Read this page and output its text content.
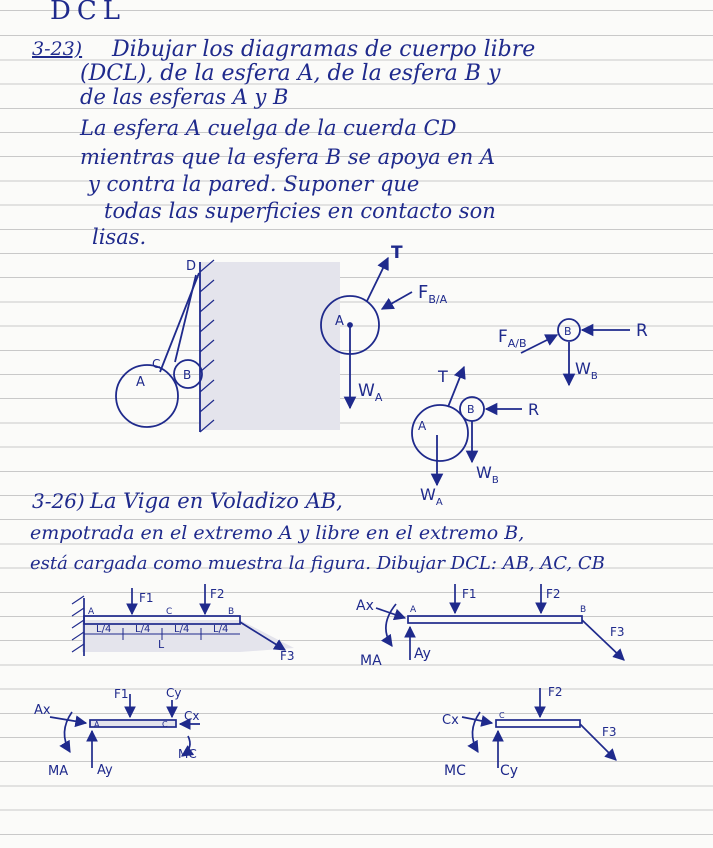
DCL
3-23) Dibujar los diagramas de cuerpo libre
(DCL), de la esfera A, de la esfera B y
de las esferas A y B
La esfera A cuelga de la cuerda CD
mientras que la esfera B se apoya en A
y contra la pared. Suponer que
todas las superficies en contacto son
lisas.
3-26) La Viga en Voladizo AB,
empotrada en el extremo A y libre en el extremo B,
está cargada como muestra la figura. Dibujar DCL: AB, AC, CB
D
C
A	B
T
A
$F_{B/A}$
$W_A$
B
$F_{A/B}$
R
$W_B$
T
A
B	R
$W_A$
$W_B$
F1	F2
F3
A	C	B
L/4 L/4 L/4 L/4
L
Ax
Ay
MA
F1	F2
F3
A	B
Ax
Ay
MA
F1	Cy
Cx
MC
A	C	Cx
Cy
MC
F2
F3
C
